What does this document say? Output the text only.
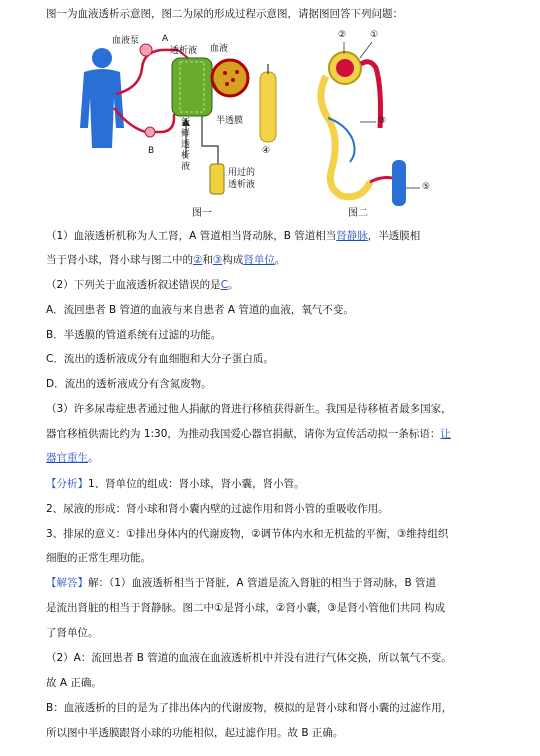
图一为血液透析示意图，图二为尿的形成过程示意图，请据图回答下列问题：
血液泵	A
透析液 血液
半透膜
B
新鲜透析液
用过的
透析液
图一
②	①
③
④
⑤
图二
（1）血液透析机称为人工肾，A 管道相当肾动脉，B 管道相当肾静脉，半透膜相
当于肾小球，肾小球与图二中的②和③构成肾单位。
（2）下列关于血液透析叙述错误的是C。
A．流回患者 B 管道的血液与来自患者 A 管道的血液，氧气不变。
B．半透膜的管道系统有过滤的功能。
C．流出的透析液成分有血细胞和大分子蛋白质。
D．流出的透析液成分有含氮废物。
（3）许多尿毒症患者通过他人捐献的肾进行移植获得新生。我国是待移植者最多国家，
器官移植供需比约为 1:30，为推动我国爱心器官捐献，请你为宣传活动拟一条标语：让
器官重生。
【分析】1、肾单位的组成：肾小球，肾小囊，肾小管。
2、尿液的形成：肾小球和肾小囊内壁的过滤作用和肾小管的重吸收作用。
3、排尿的意义：①排出身体内的代谢废物，②调节体内水和无机盐的平衡，③维持组织
细胞的正常生理功能。
【解答】解：（1）血液透析相当于肾脏，A 管道是流入肾脏的相当于肾动脉，B 管道
是流出肾脏的相当于肾静脉。图二中①是肾小球，②肾小囊，③是肾小管他们共同 构成
了肾单位。
（2）A：流回患者 B 管道的血液在血液透析机中并没有进行气体交换，所以氧气不变。
故 A 正确。
B：血液透析的目的是为了排出体内的代谢废物，模拟的是肾小球和肾小囊的过滤作用，
所以图中半透膜跟肾小球的功能相似，起过滤作用。故 B 正确。
